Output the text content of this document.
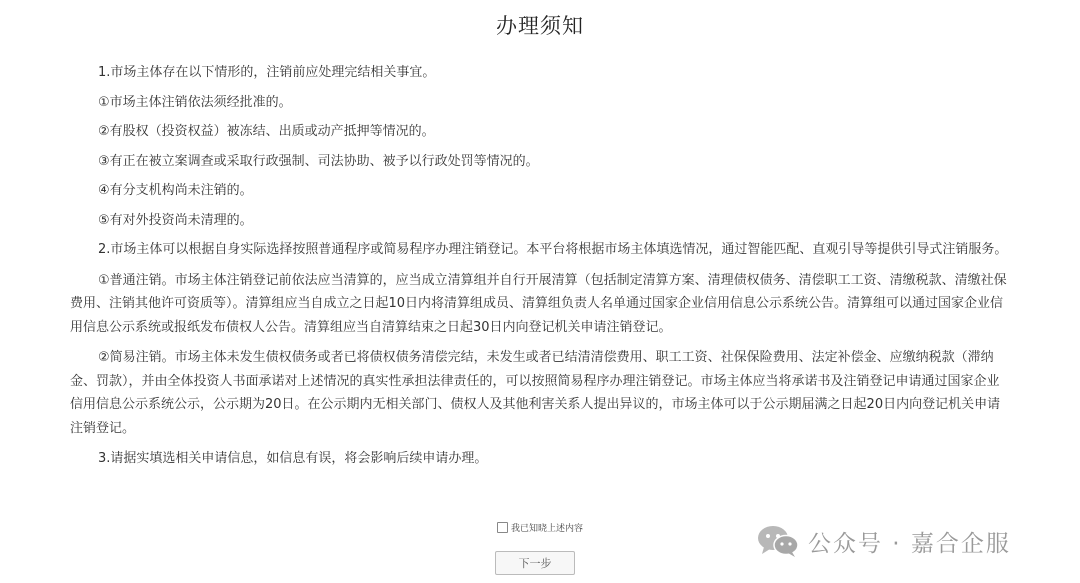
办理须知

1.市场主体存在以下情形的，注销前应处理完结相关事宜。

①市场主体注销依法须经批准的。

②有股权（投资权益）被冻结、出质或动产抵押等情况的。

③有正在被立案调查或采取行政强制、司法协助、被予以行政处罚等情况的。

④有分支机构尚未注销的。

⑤有对外投资尚未清理的。

2.市场主体可以根据自身实际选择按照普通程序或简易程序办理注销登记。本平台将根据市场主体填选情况，通过智能匹配、直观引导等提供引导式注销服务。

①普通注销。市场主体注销登记前依法应当清算的，应当成立清算组并自行开展清算（包括制定清算方案、清理债权债务、清偿职工工资、清缴税款、清缴社保费用、注销其他许可资质等）。清算组应当自成立之日起10日内将清算组成员、清算组负责人名单通过国家企业信用信息公示系统公告。清算组可以通过国家企业信用信息公示系统或报纸发布债权人公告。清算组应当自清算结束之日起30日内向登记机关申请注销登记。

②简易注销。市场主体未发生债权债务或者已将债权债务清偿完结，未发生或者已结清清偿费用、职工工资、社保保险费用、法定补偿金、应缴纳税款（滞纳金、罚款），并由全体投资人书面承诺对上述情况的真实性承担法律责任的，可以按照简易程序办理注销登记。市场主体应当将承诺书及注销登记申请通过国家企业信用信息公示系统公示，公示期为20日。在公示期内无相关部门、债权人及其他利害关系人提出异议的，市场主体可以于公示期届满之日起20日内向登记机关申请注销登记。

3.请据实填选相关申请信息，如信息有误，将会影响后续申请办理。

我已知晓上述内容
下一步
公众号 · 嘉合企服
